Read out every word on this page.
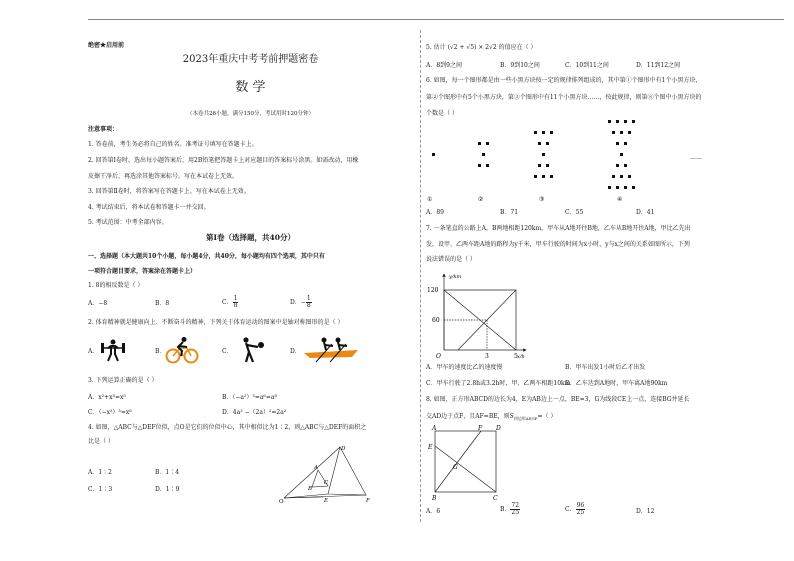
绝密★启用前
2023年重庆中考考前押题密卷
数 学
（本卷共26小题，满分150分，考试用时120分钟）
注意事项：
1. 答卷前，考生务必将自己的姓名、准考证号填写在答题卡上。
2. 回答第Ⅰ卷时，选出每小题答案后，用2B铅笔把答题卡上对应题目的答案标号涂黑。如需改动，用橡
皮擦干净后，再选涂其他答案标号。写在本试卷上无效。
3. 回答第Ⅱ卷时，将答案写在答题卡上。写在本试卷上无效。
4. 考试结束后，将本试卷和答题卡一并交回。
5. 考试范围：中考全部内容。
第Ⅰ卷（选择题，共40分）
一、选择题（本大题共10个小题，每小题4分，共40分，每小题均有四个选项，其中只有
一项符合题目要求，答案涂在答题卡上）
1. 8的相反数是（ ）
A．−8	B．8	C． $\frac{1}{8}$	D．− $\frac{1}{8}$
2. 体育精神就是健康向上、不断奋斗的精神，下列关于体育运动的图案中是轴对称图形的是（ ）
A．	B．	C．	D．
3. 下列运算正确的是（ ）
A．x²+x³=x⁵	B．（−a²）³=a⁶=a⁸
C．（−x²）³=x⁶	D．4a² −（2a）²=2a²
4. 如图，△ABC与△DEF位似，点O是它们的位似中心，其中相似比为1∶2，则△ABC与△DEF的面积之
比是（ ）
A．1∶2	B．1∶4
C．1∶3	D．1∶9
O
A
B
C
D
E	F
5. 估计 (√2 + √5) × 2√2 的值应在（ ）
A．8到9之间	B．9到10之间	C．10到11之间	D．11到12之间
6. 如图，每一个图形都是由一些小黑方块按一定的规律排列组成的，其中第①个图形中有1个小黑方块，
第②个图形中有5个小黑方块，第③个图形中有11个小黑方块……，按此规律，则第⑧个图中小黑方块的
个数是（ ）
……
①	②	③	④
A．89	B．71	C．55	D．41
7. 一条笔直的公路上A，B两地相距120km，甲车从A地开往B地，乙车从B地开往A地，甲比乙先出
发，设甲、乙两车距A地的路程为y千米，甲车行驶的时间为x小时，y与x之间的关系如图所示，下列
说法错误的是（ ）
y/km
x/h
O
120
60
3	5
A．甲车的速度比乙的速度慢	B．甲车出发1小时后乙才出发
C．甲车行驶了2.8h或3.2h时，甲、乙两车相距10km
D．乙车达到A地时，甲车离A地90km
8. 如图，正方形ABCD的边长为4，E为AB边上一点，BE=3，G为线段CE上一点，连接BG并延长
交AD边于点F，且AF=BE，则$S_{四边形AEGF}=$（ ）
A
B	C
D
E
F
G
A．6	B． $\frac{72}{25}$	C． $\frac{96}{25}$	D．12
